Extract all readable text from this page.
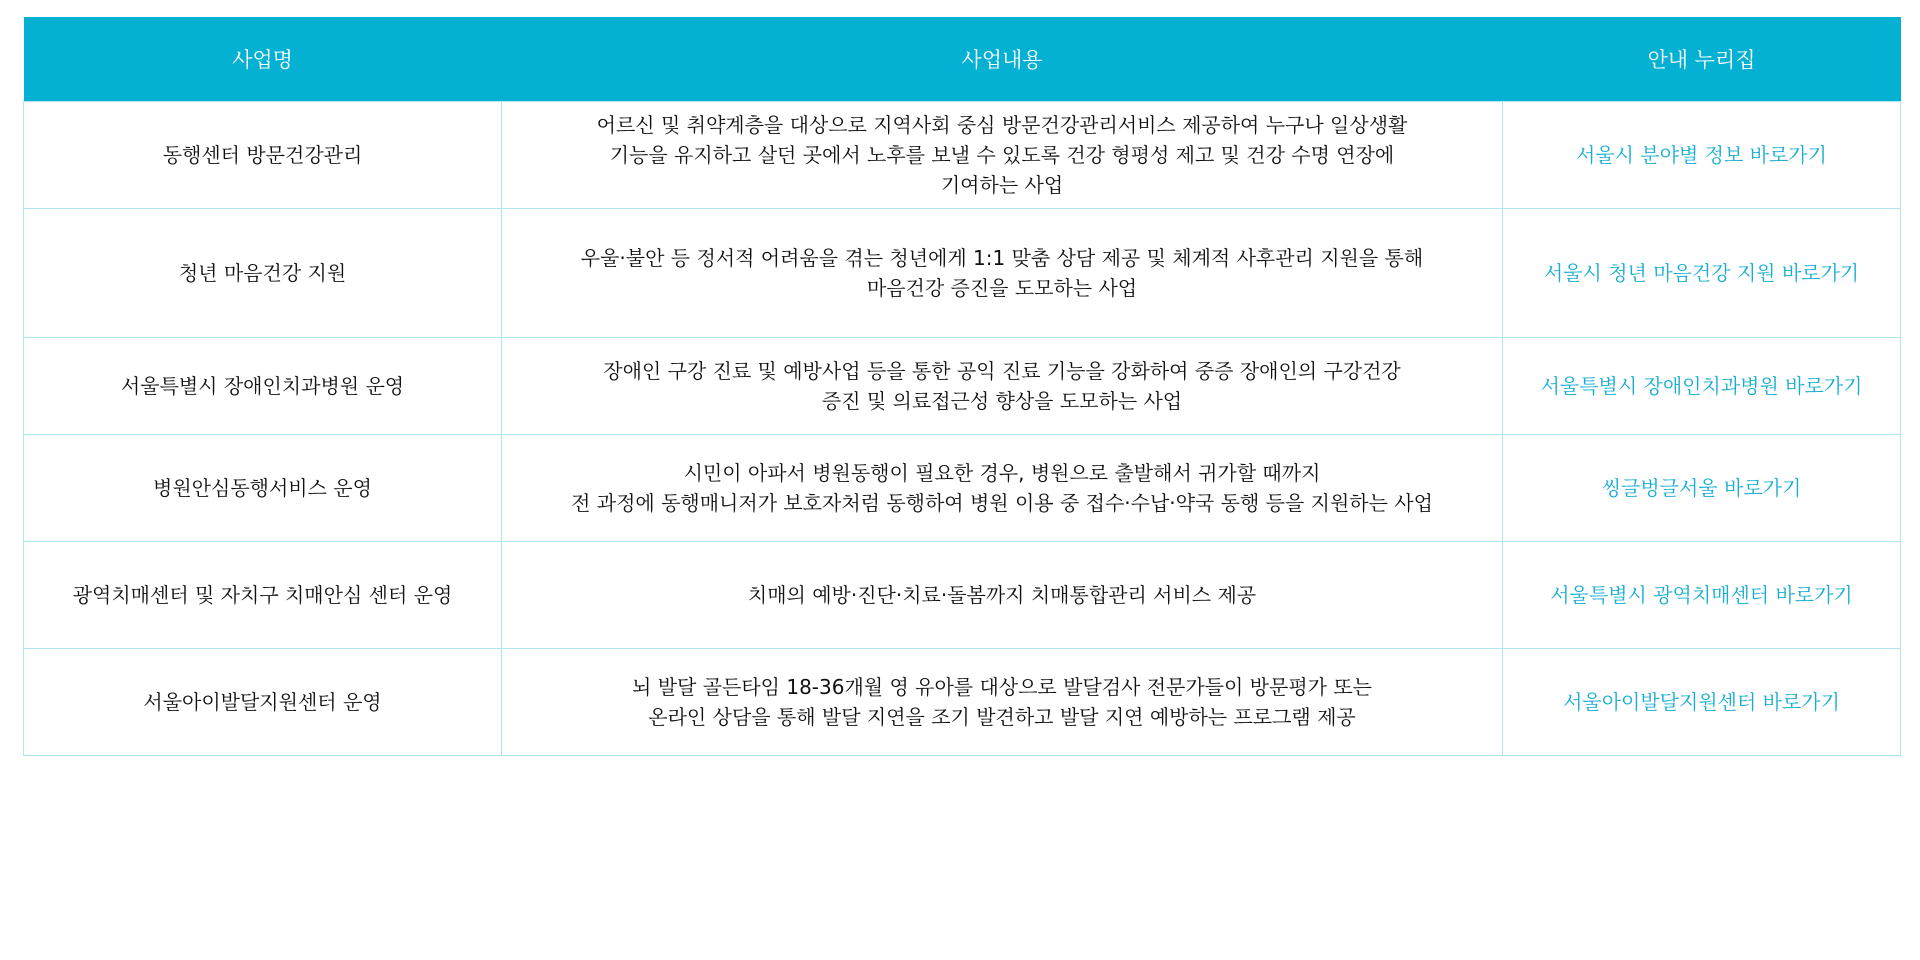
사업명	사업내용	안내 누리집
동행센터 방문건강관리	어르신 및 취약계층을 대상으로 지역사회 중심 방문건강관리서비스 제공하여 누구나 일상생활
기능을 유지하고 살던 곳에서 노후를 보낼 수 있도록 건강 형평성 제고 및 건강 수명 연장에
기여하는 사업	서울시 분야별 정보 바로가기
청년 마음건강 지원	우울·불안 등 정서적 어려움을 겪는 청년에게 1:1 맞춤 상담 제공 및 체계적 사후관리 지원을 통해
마음건강 증진을 도모하는 사업	서울시 청년 마음건강 지원 바로가기
서울특별시 장애인치과병원 운영	장애인 구강 진료 및 예방사업 등을 통한 공익 진료 기능을 강화하여 중증 장애인의 구강건강
증진 및 의료접근성 향상을 도모하는 사업	서울특별시 장애인치과병원 바로가기
병원안심동행서비스 운영	시민이 아파서 병원동행이 필요한 경우, 병원으로 출발해서 귀가할 때까지
전 과정에 동행매니저가 보호자처럼 동행하여 병원 이용 중 접수·수납·약국 동행 등을 지원하는 사업	씽글벙글서울 바로가기
광역치매센터 및 자치구 치매안심 센터 운영	치매의 예방·진단·치료·돌봄까지 치매통합관리 서비스 제공	서울특별시 광역치매센터 바로가기
서울아이발달지원센터 운영	뇌 발달 골든타임 18-36개월 영 유아를 대상으로 발달검사 전문가들이 방문평가 또는
온라인 상담을 통해 발달 지연을 조기 발견하고 발달 지연 예방하는 프로그램 제공	서울아이발달지원센터 바로가기
